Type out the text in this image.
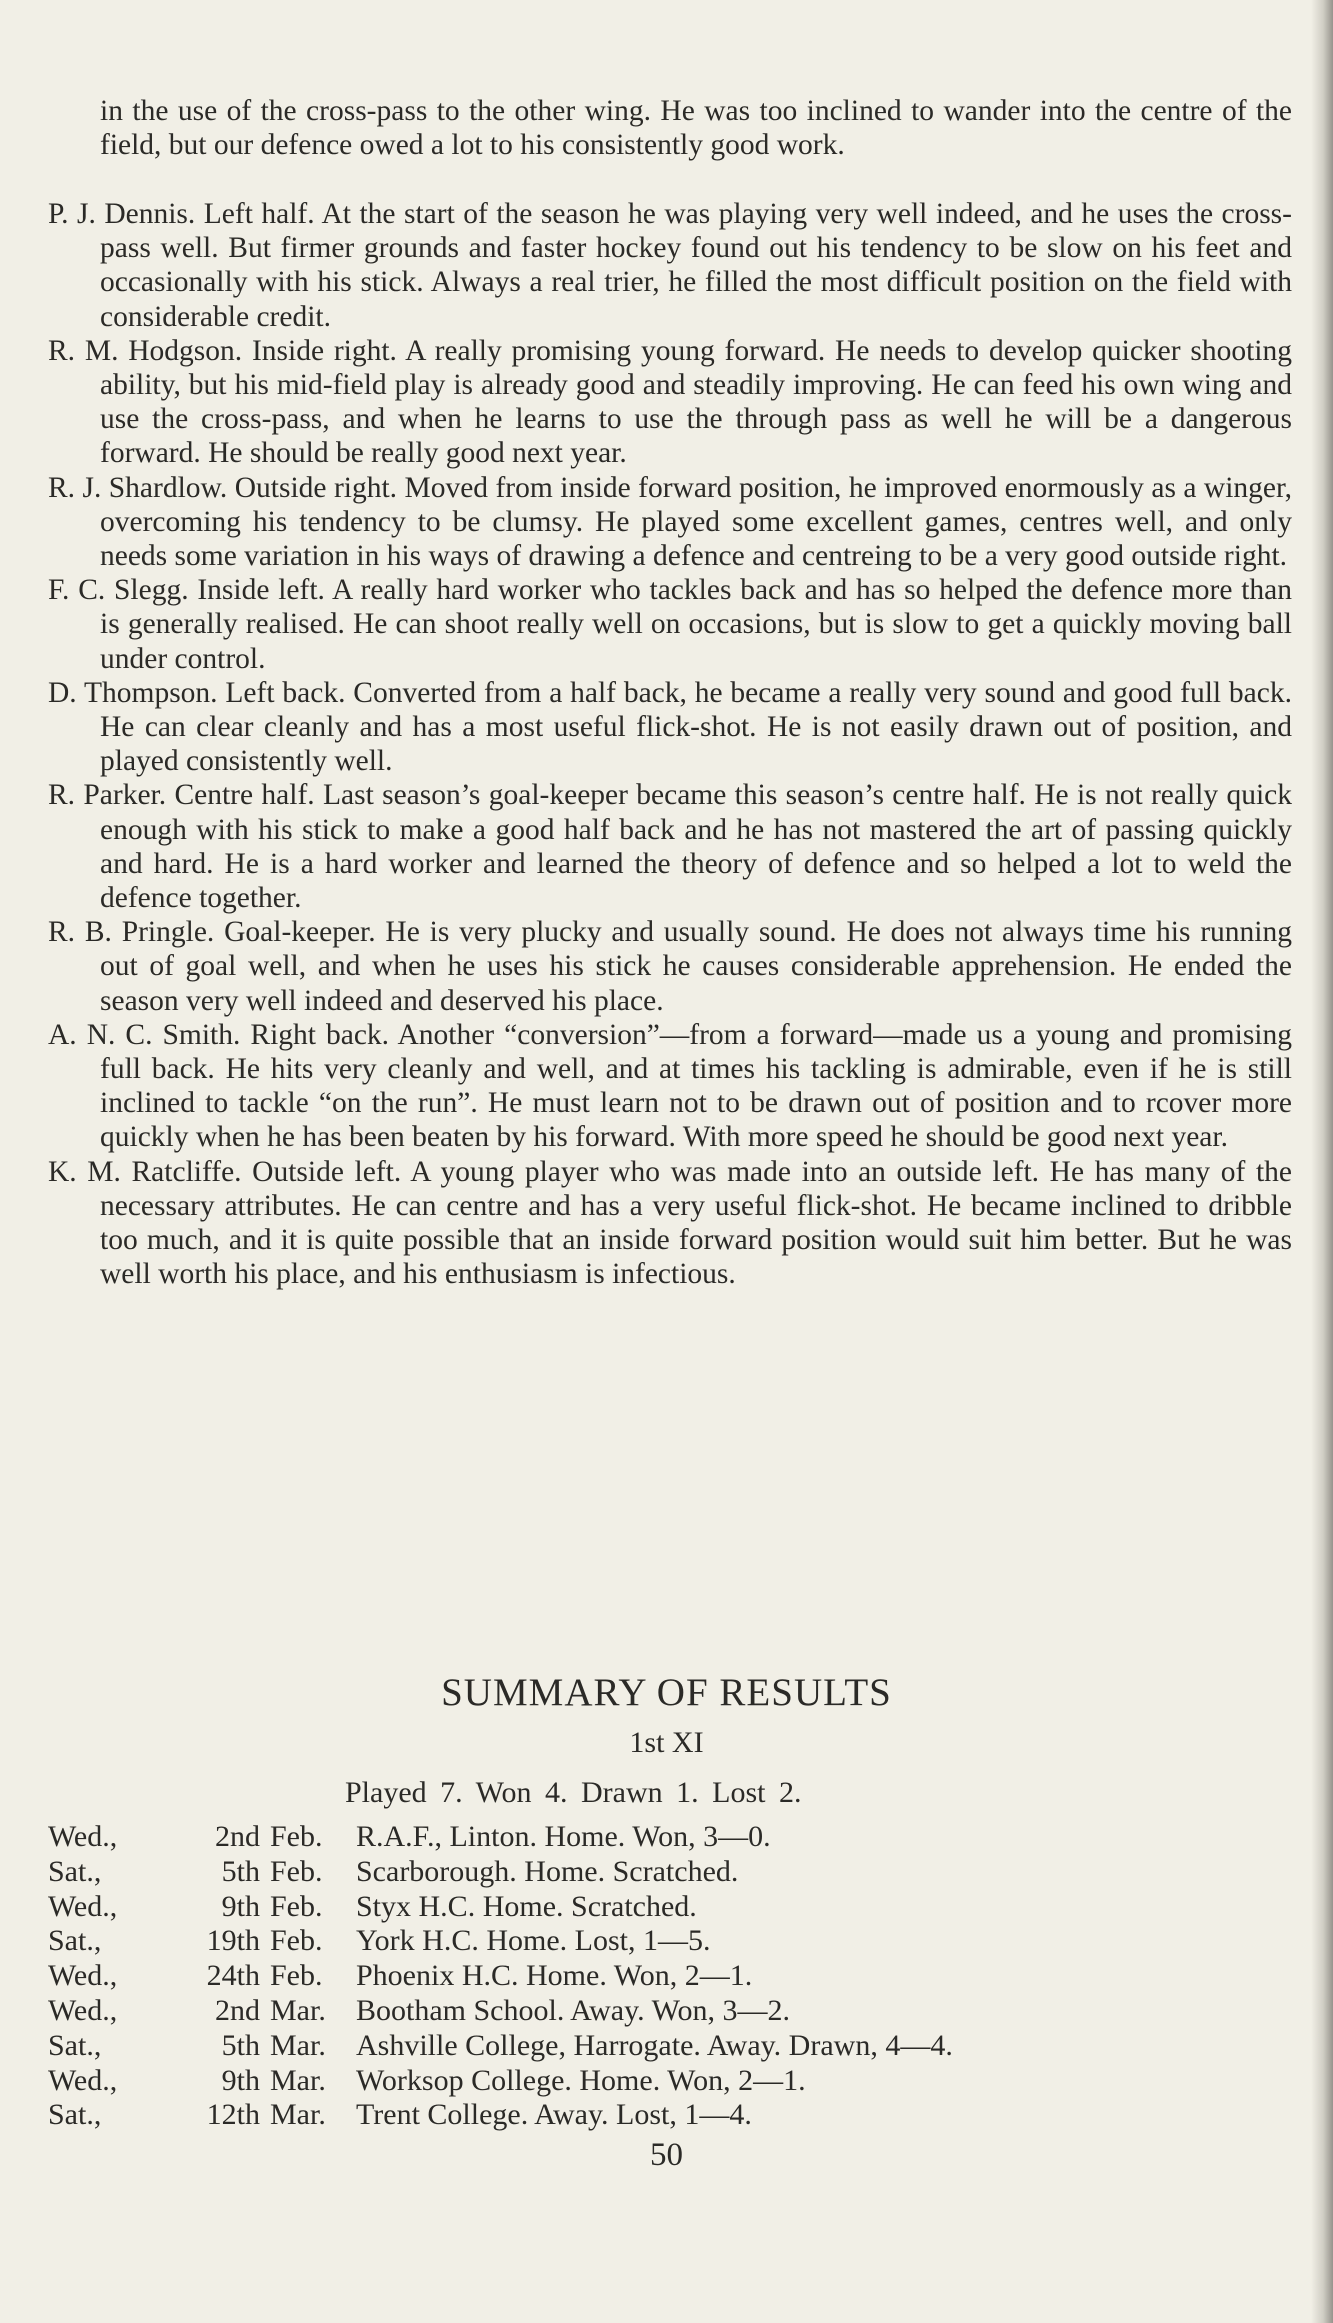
in the use of the cross-pass to the other wing. He was too inclined to wander into the centre of the field, but our defence owed a lot to his consistently good work.

P. J. Dennis. Left half. At the start of the season he was playing very well indeed, and he uses the cross-pass well. But firmer grounds and faster hockey found out his tendency to be slow on his feet and occasionally with his stick. Always a real trier, he filled the most difficult position on the field with considerable credit.

R. M. Hodgson. Inside right. A really promising young forward. He needs to develop quicker shooting ability, but his mid-field play is already good and steadily improving. He can feed his own wing and use the cross-pass, and when he learns to use the through pass as well he will be a dangerous forward. He should be really good next year.

R. J. Shardlow. Outside right. Moved from inside forward position, he improved enormously as a winger, overcoming his tendency to be clumsy. He played some excellent games, centres well, and only needs some variation in his ways of drawing a defence and centreing to be a very good outside right.

F. C. Slegg. Inside left. A really hard worker who tackles back and has so helped the defence more than is generally realised. He can shoot really well on occasions, but is slow to get a quickly moving ball under control.

D. Thompson. Left back. Converted from a half back, he became a really very sound and good full back. He can clear cleanly and has a most useful flick-shot. He is not easily drawn out of position, and played consistently well.

R. Parker. Centre half. Last season’s goal-keeper became this season’s centre half. He is not really quick enough with his stick to make a good half back and he has not mastered the art of passing quickly and hard. He is a hard worker and learned the theory of defence and so helped a lot to weld the defence together.

R. B. Pringle. Goal-keeper. He is very plucky and usually sound. He does not always time his running out of goal well, and when he uses his stick he causes considerable apprehension. He ended the season very well indeed and deserved his place.

A. N. C. Smith. Right back. Another “conversion”—from a forward—made us a young and promising full back. He hits very cleanly and well, and at times his tackling is admirable, even if he is still inclined to tackle “on the run”. He must learn not to be drawn out of position and to rcover more quickly when he has been beaten by his forward. With more speed he should be good next year.

K. M. Ratcliffe. Outside left. A young player who was made into an outside left. He has many of the necessary attributes. He can centre and has a very useful flick-shot. He became inclined to dribble too much, and it is quite possible that an inside forward position would suit him better. But he was well worth his place, and his enthusiasm is infectious.

SUMMARY OF RESULTS

1st XI

Played 7. Won 4. Drawn 1. Lost 2.

Wed.,	2nd Feb.	R.A.F., Linton. Home. Won, 3—0.
Sat.,	5th Feb.	Scarborough. Home. Scratched.
Wed.,	9th Feb.	Styx H.C. Home. Scratched.
Sat.,	19th Feb.	York H.C. Home. Lost, 1—5.
Wed.,	24th Feb.	Phoenix H.C. Home. Won, 2—1.
Wed.,	2nd Mar.	Bootham School. Away. Won, 3—2.
Sat.,	5th Mar.	Ashville College, Harrogate. Away. Drawn, 4—4.
Wed.,	9th Mar.	Worksop College. Home. Won, 2—1.
Sat.,	12th Mar.	Trent College. Away. Lost, 1—4.

50
